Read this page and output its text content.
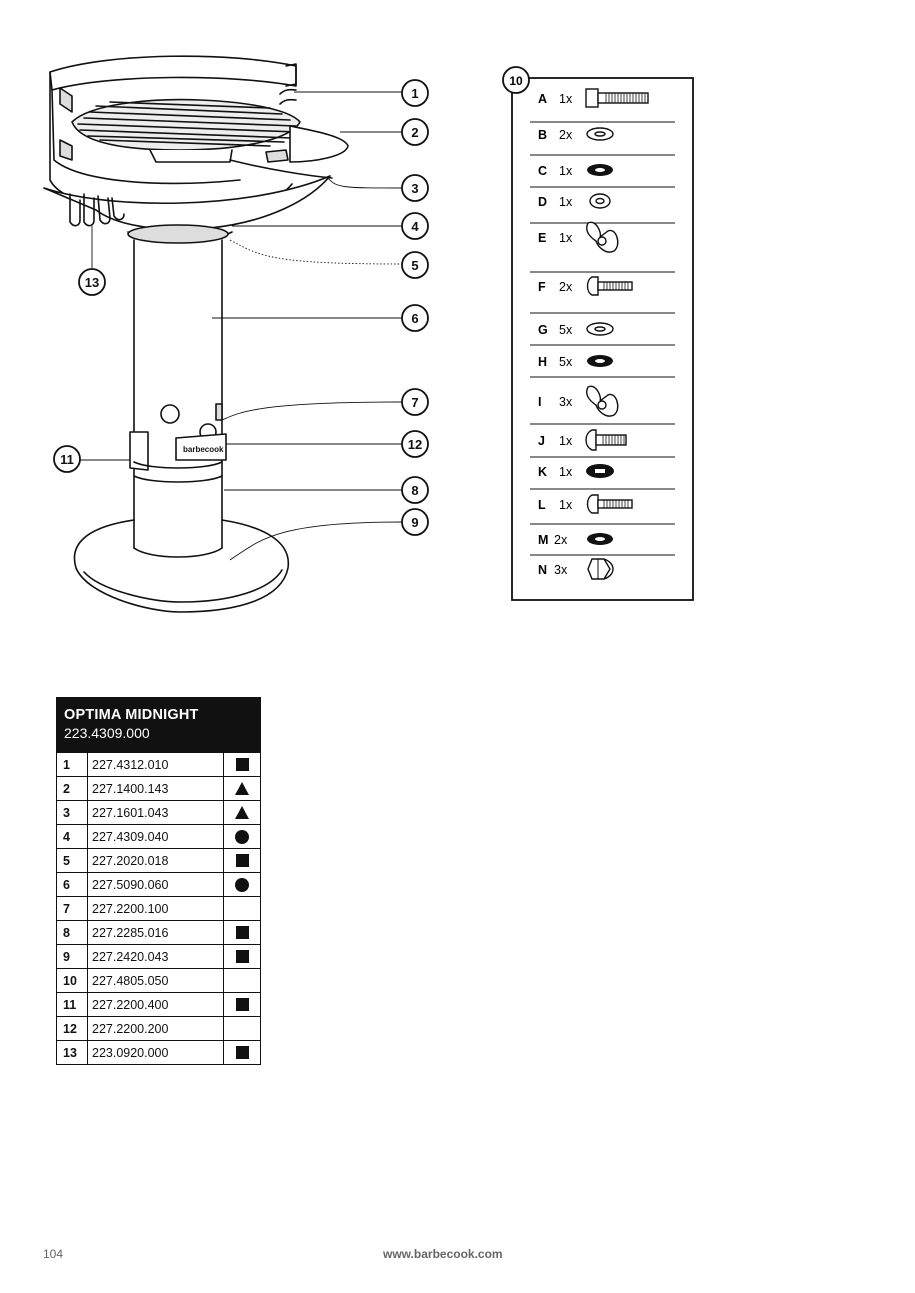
barbecook
1
2
3
4
5
6
7
12
8
9
11
13
10
A 1x
B 2x
C 1x
D 1x
E 1x
F 2x
G 5x
H 5x
I 3x
J 1x
K 1x
L 1x
M 2x
N 3x
OPTIMA MIDNIGHT
223.4309.000
1	227.4312.010
2	227.1400.143
3	227.1601.043
4	227.4309.040
5	227.2020.018
6	227.5090.060
7	227.2200.100
8	227.2285.016
9	227.2420.043
10	227.4805.050
11	227.2200.400
12	227.2200.200
13	223.0920.000
104	www.barbecook.com
